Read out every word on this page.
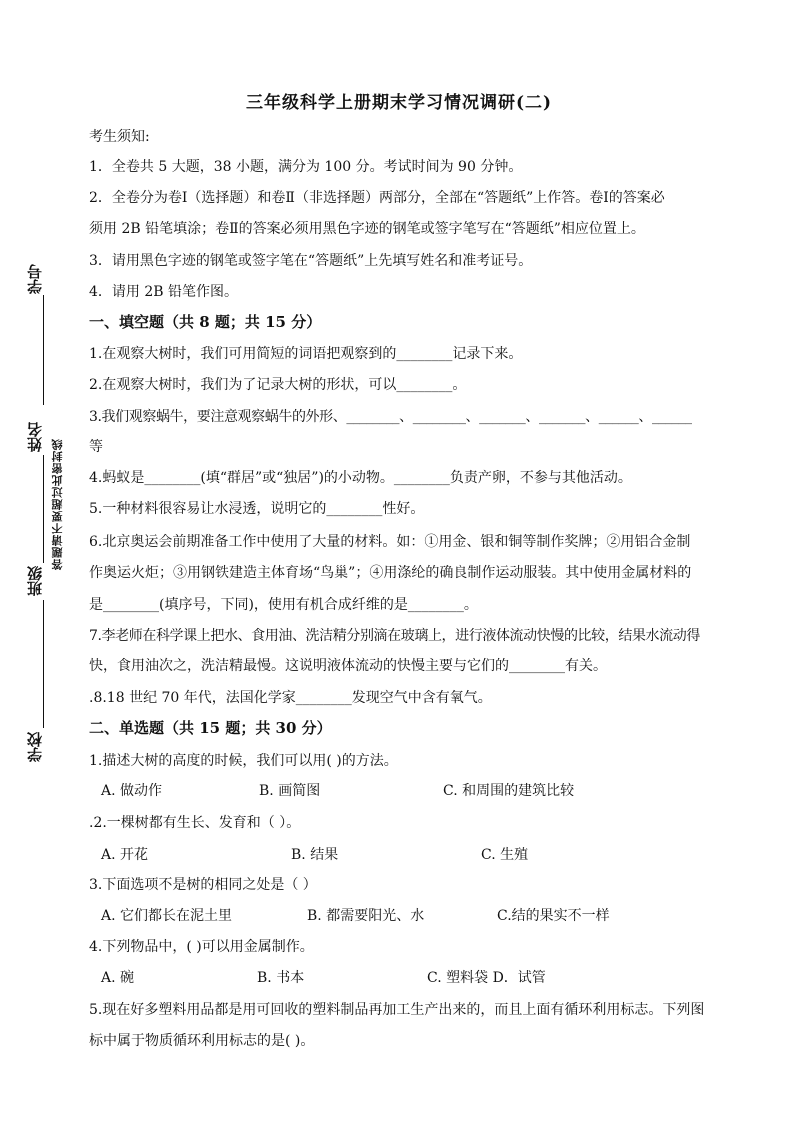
学号
姓名
班级
学校
答题请不要超过此密封线
三年级科学上册期末学习情况调研(二)
考生须知:
1．全卷共 5 大题，38 小题，满分为 100 分。考试时间为 90 分钟。
2．全卷分为卷Ⅰ（选择题）和卷Ⅱ（非选择题）两部分，全部在“答题纸”上作答。卷Ⅰ的答案必
须用 2B 铅笔填涂；卷Ⅱ的答案必须用黑色字迹的钢笔或签字笔写在“答题纸”相应位置上。
3．请用黑色字迹的钢笔或签字笔在“答题纸”上先填写姓名和准考证号。
4．请用 2B 铅笔作图。
一、填空题（共 8 题；共 15 分）
1.在观察大树时，我们可用简短的词语把观察到的________记录下来。
2.在观察大树时，我们为了记录大树的形状，可以________。
3.我们观察蜗牛，要注意观察蜗牛的外形、________、________、_______、_______、______、______
等
4.蚂蚁是________(填“群居”或“独居”)的小动物。________负责产卵，不参与其他活动。
5.一种材料很容易让水浸透，说明它的________性好。
6.北京奥运会前期准备工作中使用了大量的材料。如：①用金、银和铜等制作奖牌；②用铝合金制
作奥运火炬；③用钢铁建造主体育场“鸟巢”；④用涤纶的确良制作运动服装。其中使用金属材料的
是________(填序号，下同)，使用有机合成纤维的是________。
7.李老师在科学课上把水、食用油、洗洁精分别滴在玻璃上，进行液体流动快慢的比较，结果水流动得
快，食用油次之，洗洁精最慢。这说明液体流动的快慢主要与它们的________有关。
.8.18 世纪 70 年代，法国化学家________发现空气中含有氧气。
二、单选题（共 15 题；共 30 分）
1.描述大树的高度的时候，我们可以用( )的方法。
A. 做动作	B. 画简图	C. 和周围的建筑比较
.2.一棵树都有生长、发育和（ ）。
A. 开花	B. 结果	C. 生殖
3.下面选项不是树的相同之处是（ ）
A. 它们都长在泥土里	B. 都需要阳光、水	C.结的果实不一样
4.下列物品中，( )可以用金属制作。
A. 碗	B. 书本	C. 塑料袋 D．试管
5.现在好多塑料用品都是用可回收的塑料制品再加工生产出来的，而且上面有循环利用标志。下列图
标中属于物质循环利用标志的是( )。
